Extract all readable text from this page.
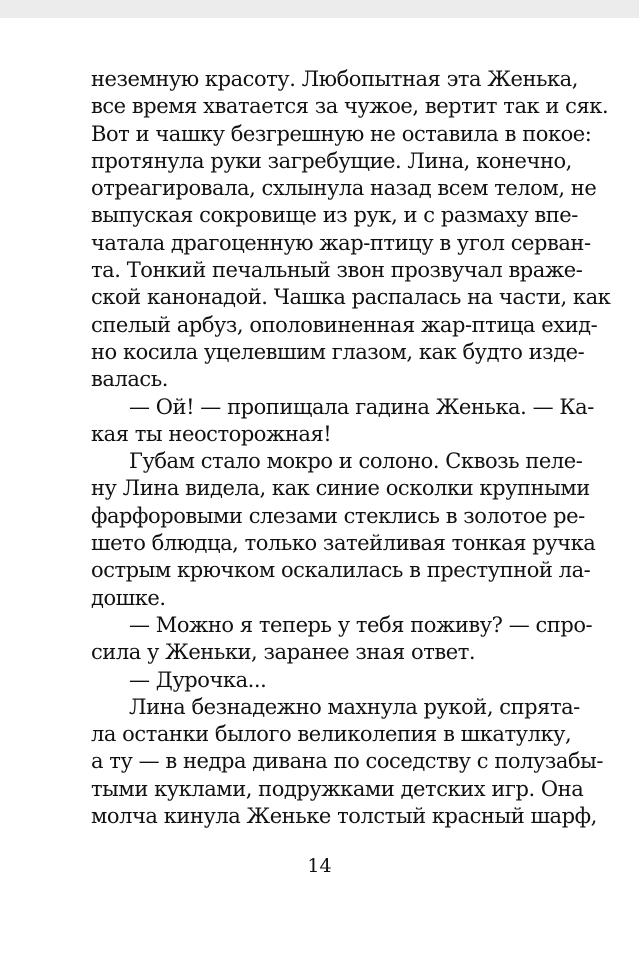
неземную красоту. Любопытная эта Женька,
все время хватается за чужое, вертит так и сяк.
Вот и чашку безгрешную не оставила в покое:
протянула руки загребущие. Лина, конечно,
отреагировала, схлынула назад всем телом, не
выпуская сокровище из рук, и с размаху впе-
чатала драгоценную жар-птицу в угол серван-
та. Тонкий печальный звон прозвучал враже-
ской канонадой. Чашка распалась на части, как
спелый арбуз, ополовиненная жар-птица ехид-
но косила уцелевшим глазом, как будто изде-
валась.
— Ой! — пропищала гадина Женька. — Ка-
кая ты неосторожная!
Губам стало мокро и солоно. Сквозь пеле-
ну Лина видела, как синие осколки крупными
фарфоровыми слезами стеклись в золотое ре-
шето блюдца, только затейливая тонкая ручка
острым крючком оскалилась в преступной ла-
дошке.
— Можно я теперь у тебя поживу? — спро-
сила у Женьки, заранее зная ответ.
— Дурочка...
Лина безнадежно махнула рукой, спрята-
ла останки былого великолепия в шкатулку,
а ту — в недра дивана по соседству с полузабы-
тыми куклами, подружками детских игр. Она
молча кинула Женьке толстый красный шарф,
14
